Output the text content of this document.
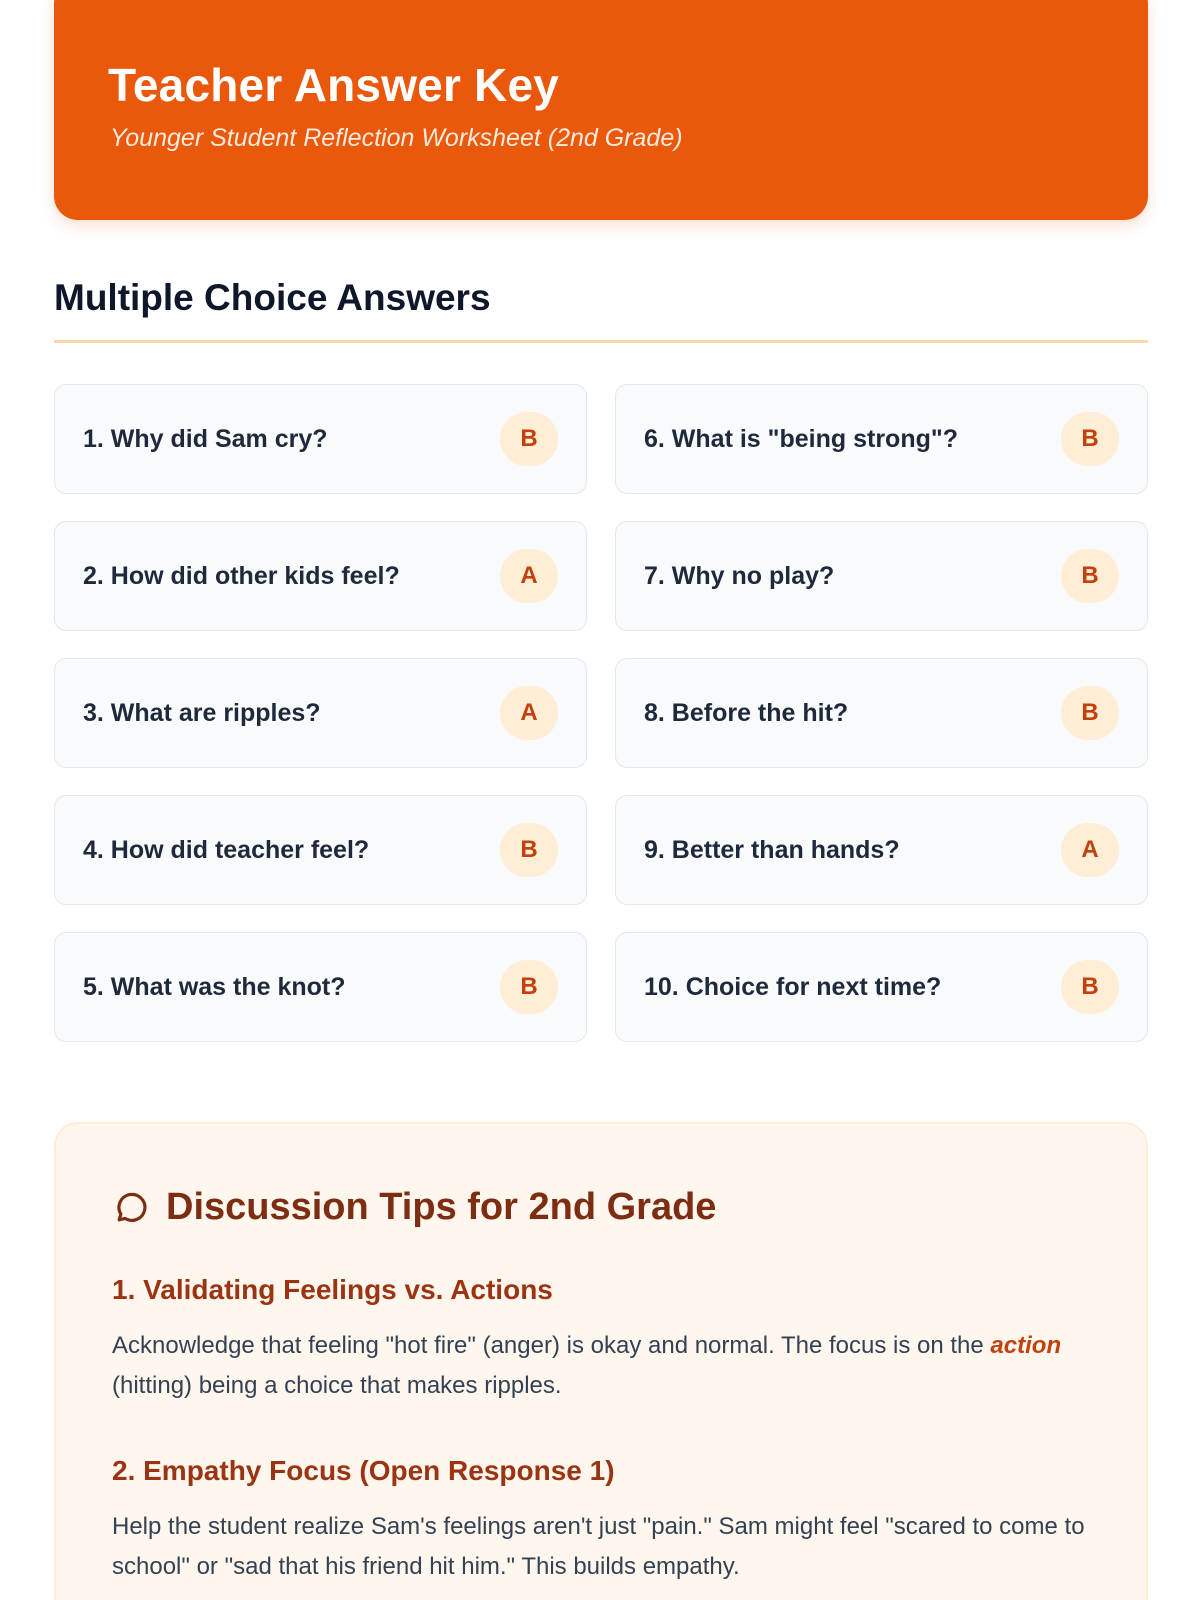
Teacher Answer Key
Younger Student Reflection Worksheet (2nd Grade)
Multiple Choice Answers
1. Why did Sam cry?	B
2. How did other kids feel?	A
3. What are ripples?	A
4. How did teacher feel?	B
5. What was the knot?	B
6. What is "being strong"?	B
7. Why no play?	B
8. Before the hit?	B
9. Better than hands?	A
10. Choice for next time?	B
Discussion Tips for 2nd Grade
1. Validating Feelings vs. Actions
Acknowledge that feeling "hot fire" (anger) is okay and normal. The focus is on the action (hitting) being a choice that makes ripples.
2. Empathy Focus (Open Response 1)
Help the student realize Sam's feelings aren't just "pain." Sam might feel "scared to come to school" or "sad that his friend hit him." This builds empathy.
